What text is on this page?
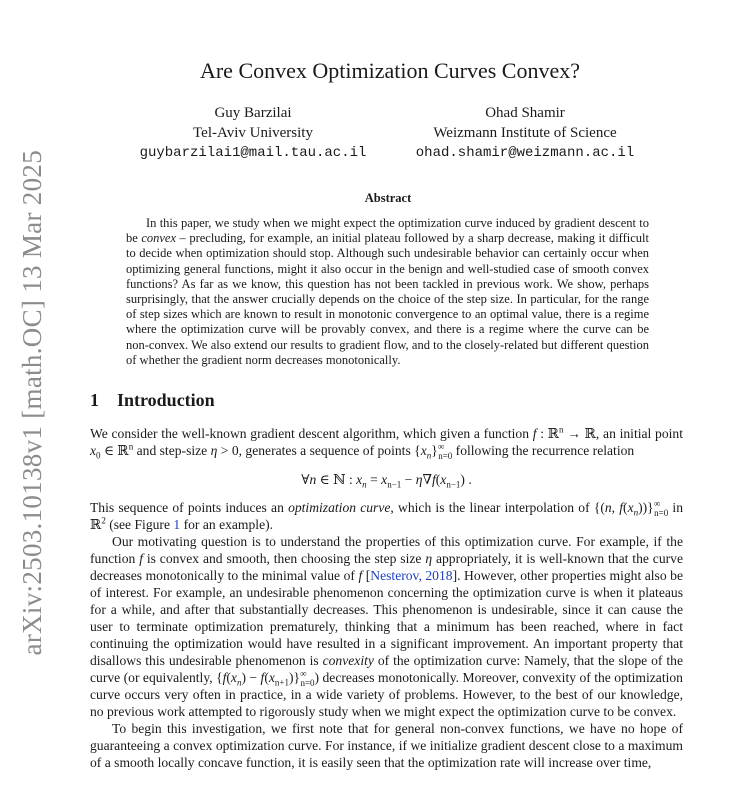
arXiv:2503.10138v1 [math.OC] 13 Mar 2025
Are Convex Optimization Curves Convex?
Guy Barzilai
Tel-Aviv University
guybarzilai1@mail.tau.ac.il
Ohad Shamir
Weizmann Institute of Science
ohad.shamir@weizmann.ac.il
Abstract

In this paper, we study when we might expect the optimization curve induced by gradient descent to be convex – precluding, for example, an initial plateau followed by a sharp decrease, making it difficult to decide when optimization should stop. Although such undesirable behavior can certainly occur when optimizing general functions, might it also occur in the benign and well-studied case of smooth convex functions? As far as we know, this question has not been tackled in previous work. We show, perhaps surprisingly, that the answer crucially depends on the choice of the step size. In particular, for the range of step sizes which are known to result in monotonic convergence to an optimal value, there is a regime where the optimization curve will be provably convex, and there is a regime where the curve can be non-convex. We also extend our results to gradient flow, and to the closely-related but different question of whether the gradient norm decreases monotonically.

1 Introduction

We consider the well-known gradient descent algorithm, which given a function f : ℝ$^n$ → ℝ, an initial point $x_0$ ∈ ℝ$^n$ and step-size η > 0, generates a sequence of points $\{x_n\}^\infty_{n=0}$ following the recurrence relation

∀n ∈ ℕ : $x_n = x_{n-1} - \eta\nabla f(x_{n-1})$ .

This sequence of points induces an optimization curve, which is the linear interpolation of {(n, $f(x_n))\}^\infty_{n=0}$ in ℝ$^2$ (see Figure 1 for an example).

Our motivating question is to understand the properties of this optimization curve. For example, if the function f is convex and smooth, then choosing the step size η appropriately, it is well-known that the curve decreases monotonically to the minimal value of f [Nesterov, 2018]. However, other properties might also be of interest. For example, an undesirable phenomenon concerning the optimization curve is when it plateaus for a while, and after that substantially decreases. This phenomenon is undesirable, since it can cause the user to terminate optimization prematurely, thinking that a minimum has been reached, where in fact continuing the optimization would have resulted in a significant improvement. An important property that disallows this undesirable phenomenon is convexity of the optimization curve: Namely, that the slope of the curve (or equivalently, $\{f(x_n) - f(x_{n+1})\}^\infty_{n=0}$) decreases monotonically. Moreover, convexity of the optimization curve occurs very often in practice, in a wide variety of problems. However, to the best of our knowledge, no previous work attempted to rigorously study when we might expect the optimization curve to be convex.

To begin this investigation, we first note that for general non-convex functions, we have no hope of guaranteeing a convex optimization curve. For instance, if we initialize gradient descent close to a maximum of a smooth locally concave function, it is easily seen that the optimization rate will increase over time,
